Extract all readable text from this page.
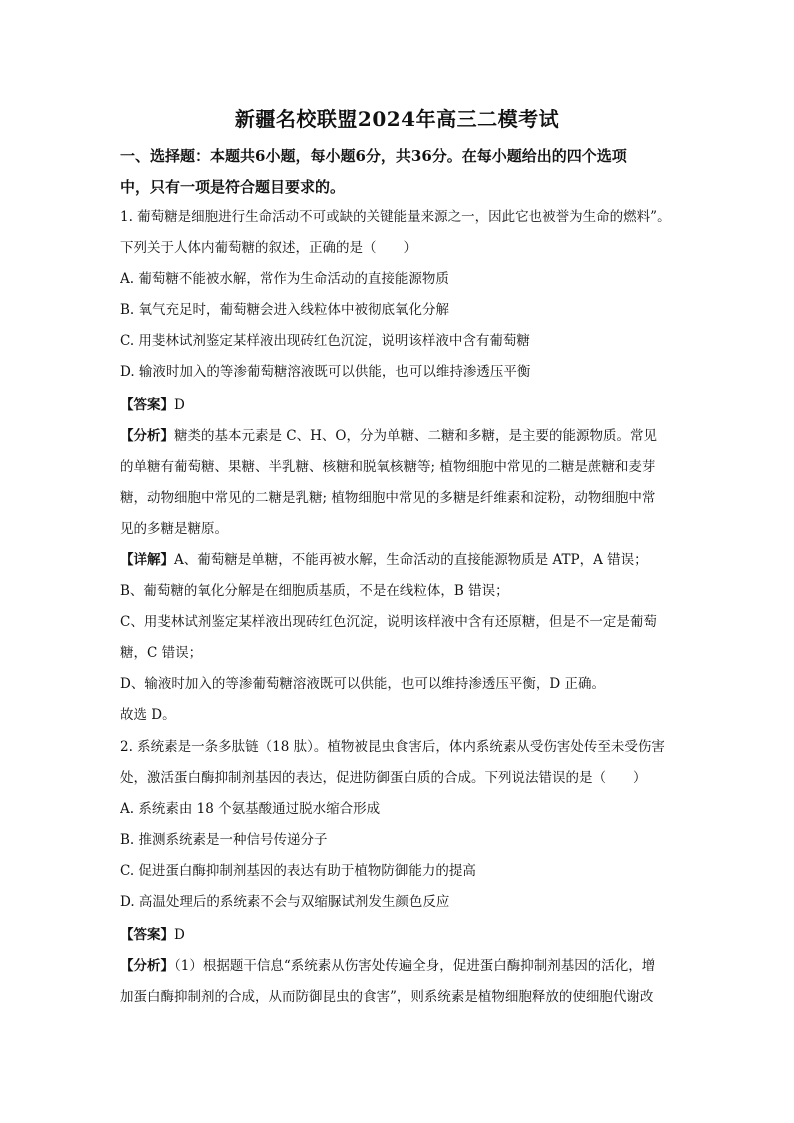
新疆名校联盟2024年高三二模考试

一、选择题：本题共6小题，每小题6分，共36分。在每小题给出的四个选项

中，只有一项是符合题目要求的。

1. 葡萄糖是细胞进行生命活动不可或缺的关键能量来源之一，因此它也被誉为生命的燃料”。

下列关于人体内葡萄糖的叙述，正确的是（　　）

A. 葡萄糖不能被水解，常作为生命活动的直接能源物质

B. 氧气充足时，葡萄糖会进入线粒体中被彻底氧化分解

C. 用斐林试剂鉴定某样液出现砖红色沉淀，说明该样液中含有葡萄糖

D. 输液时加入的等渗葡萄糖溶液既可以供能，也可以维持渗透压平衡

【答案】D

【分析】糖类的基本元素是 C、H、O，分为单糖、二糖和多糖，是主要的能源物质。常见

的单糖有葡萄糖、果糖、半乳糖、核糖和脱氧核糖等; 植物细胞中常见的二糖是蔗糖和麦芽

糖，动物细胞中常见的二糖是乳糖; 植物细胞中常见的多糖是纤维素和淀粉，动物细胞中常

见的多糖是糖原。

【详解】A、葡萄糖是单糖，不能再被水解，生命活动的直接能源物质是 ATP，A 错误；

B、葡萄糖的氧化分解是在细胞质基质，不是在线粒体，B 错误；

C、用斐林试剂鉴定某样液出现砖红色沉淀，说明该样液中含有还原糖，但是不一定是葡萄

糖，C 错误；

D、输液时加入的等渗葡萄糖溶液既可以供能，也可以维持渗透压平衡，D 正确。

故选 D。

2. 系统素是一条多肽链（18 肽）。植物被昆虫食害后，体内系统素从受伤害处传至未受伤害

处，激活蛋白酶抑制剂基因的表达，促进防御蛋白质的合成。下列说法错误的是（　　）

A. 系统素由 18 个氨基酸通过脱水缩合形成

B. 推测系统素是一种信号传递分子

C. 促进蛋白酶抑制剂基因的表达有助于植物防御能力的提高

D. 高温处理后的系统素不会与双缩脲试剂发生颜色反应

【答案】D

【分析】（1）根据题干信息“系统素从伤害处传遍全身，促进蛋白酶抑制剂基因的活化，增

加蛋白酶抑制剂的合成，从而防御昆虫的食害”，则系统素是植物细胞释放的使细胞代谢改
